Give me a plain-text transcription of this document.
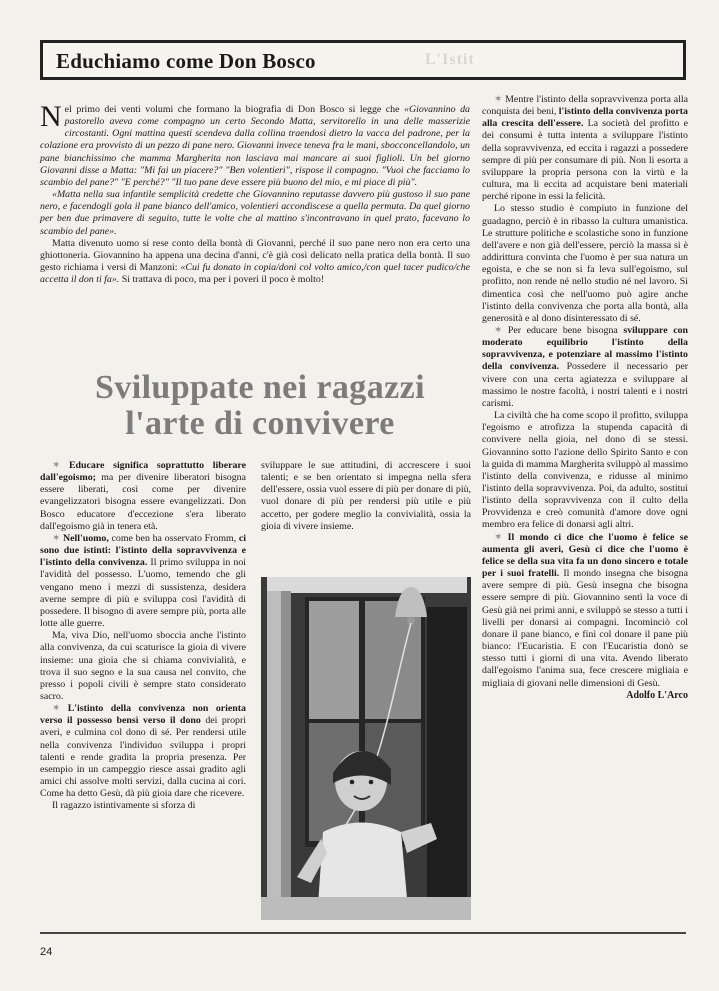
Educhiamo come Don Bosco	L'Istit

Nel primo dei venti volumi che formano la biografia di Don Bosco si legge che «Giovannino da pastorello aveva come compagno un certo Secondo Matta, servitorello in una delle masserizie circostanti. Ogni mattina questi scendeva dalla collina traendosi dietro la vacca del padrone, per la colazione era provvisto di un pezzo di pane nero. Giovanni invece teneva fra le mani, sbocconcellandolo, un pane bianchissimo che mamma Margherita non lasciava mai mancare ai suoi figlioli. Un bel giorno Giovanni disse a Matta: "Mi fai un piacere?" "Ben volentieri", rispose il compagno. "Vuoi che facciamo lo scambio del pane?" "E perché?" "Il tuo pane deve essere più buono del mio, e mi piace di più".

«Matta nella sua infantile semplicità credette che Giovannino reputasse davvero più gustoso il suo pane nero, e facendogli gola il pane bianco dell'amico, volentieri accondiscese a quella permuta. Da quel giorno per ben due primavere di seguito, tutte le volte che al mattino s'incontravano in quel prato, facevano lo scambio del pane».

Matta divenuto uomo si rese conto della bontà di Giovanni, perché il suo pane nero non era certo una ghiottoneria. Giovannino ha appena una decina d'anni, c'è già così delicato nella pratica della bontà. Il suo gesto richiama i versi di Manzoni: «Cui fu donato in copia/doni col volto amico,/con quel tacer pudico/che accetta il don ti fa». Si trattava di poco, ma per i poveri il poco è molto!

Sviluppate nei ragazzi
l'arte di convivere

✶ Educare significa soprattutto liberare dall'egoismo; ma per divenire liberatori bisogna essere liberati, così come per divenire evangelizzatori bisogna essere evangelizzati. Don Bosco educatore d'eccezione s'era liberato dall'egoismo già in tenera età.

✶ Nell'uomo, come ben ha osservato Fromm, ci sono due istinti: l'istinto della sopravvivenza e l'istinto della convivenza. Il primo sviluppa in noi l'avidità del possesso. L'uomo, temendo che gli vengano meno i mezzi di sussistenza, desidera averne sempre di più e sviluppa così l'avidità di possedere. Il bisogno di avere sempre più, porta alle lotte alle guerre.

Ma, viva Dio, nell'uomo sboccia anche l'istinto alla convivenza, da cui scaturisce la gioia di vivere insieme: una gioia che si chiama convivialità, e trova il suo segno e la sua causa nel convito, che presso i popoli civili è sempre stato considerato sacro.

✶ L'istinto della convivenza non orienta verso il possesso bensì verso il dono dei propri averi, e culmina col dono di sé. Per rendersi utile nella convivenza l'individuo sviluppa i propri talenti e rende gradita la propria presenza. Per esempio in un campeggio riesce assai gradito agli amici chi assolve molti servizi, dalla cucina ai cori. Come ha detto Gesù, dà più gioia dare che ricevere.

Il ragazzo istintivamente si sforza di

sviluppare le sue attitudini, di accrescere i suoi talenti; e se ben orientato si impegna nella sfera dell'essere, ossia vuol essere di più per donare di più, vuol donare di più per rendersi più utile e più accetto, per godere meglio la convivialità, ossia la gioia di vivere insieme.

✶ Mentre l'istinto della sopravvivenza porta alla conquista dei beni, l'istinto della convivenza porta alla crescita dell'essere. La società del profitto e dei consumi è tutta intenta a sviluppare l'istinto della sopravvivenza, ed eccita i ragazzi a possedere sempre di più per consumare di più. Non li esorta a sviluppare la propria persona con la virtù e la cultura, ma li eccita ad acquistare beni materiali perché ripone in essi la felicità.

Lo stesso studio è compiuto in funzione del guadagno, perciò è in ribasso la cultura umanistica. Le strutture politiche e scolastiche sono in funzione dell'avere e non già dell'essere, perciò la massa si è addirittura convinta che l'uomo è per sua natura un egoista, e che se non si fa leva sull'egoismo, sul profitto, non rende né nello studio né nel lavoro. Si dimentica così che nell'uomo può agire anche l'istinto della convivenza che porta alla bontà, alla generosità e al dono disinteressato di sé.

✶ Per educare bene bisogna sviluppare con moderato equilibrio l'istinto della sopravvivenza, e potenziare al massimo l'istinto della convivenza. Possedere il necessario per vivere con una certa agiatezza e sviluppare al massimo le nostre facoltà, i nostri talenti e i nostri carismi.

La civiltà che ha come scopo il profitto, sviluppa l'egoismo e atrofizza la stupenda capacità di convivere nella gioia, nel dono di se stessi. Giovannino sotto l'azione dello Spirito Santo e con la guida di mamma Margherita sviluppò al massimo l'istinto della convivenza, e ridusse al minimo l'istinto della sopravvivenza. Poi, da adulto, sostituì l'istinto della sopravvivenza con il culto della Provvidenza e creò comunità d'amore dove ogni membro era felice di donarsi agli altri.

✶ Il mondo ci dice che l'uomo è felice se aumenta gli averi, Gesù ci dice che l'uomo è felice se della sua vita fa un dono sincero e totale per i suoi fratelli. Il mondo insegna che bisogna avere sempre di più. Gesù insegna che bisogna essere sempre di più. Giovannino sentì la voce di Gesù già nei primi anni, e sviluppò se stesso a tutti i livelli per donarsi ai compagni. Incominciò col donare il pane bianco, e finì col donare il pane più bianco: l'Eucaristia. E con l'Eucaristia donò se stesso tutti i giorni di una vita. Avendo liberato dall'egoismo l'anima sua, fece crescere migliaia e migliaia di giovani nelle dimensioni di Gesù.

Adolfo L'Arco

24
